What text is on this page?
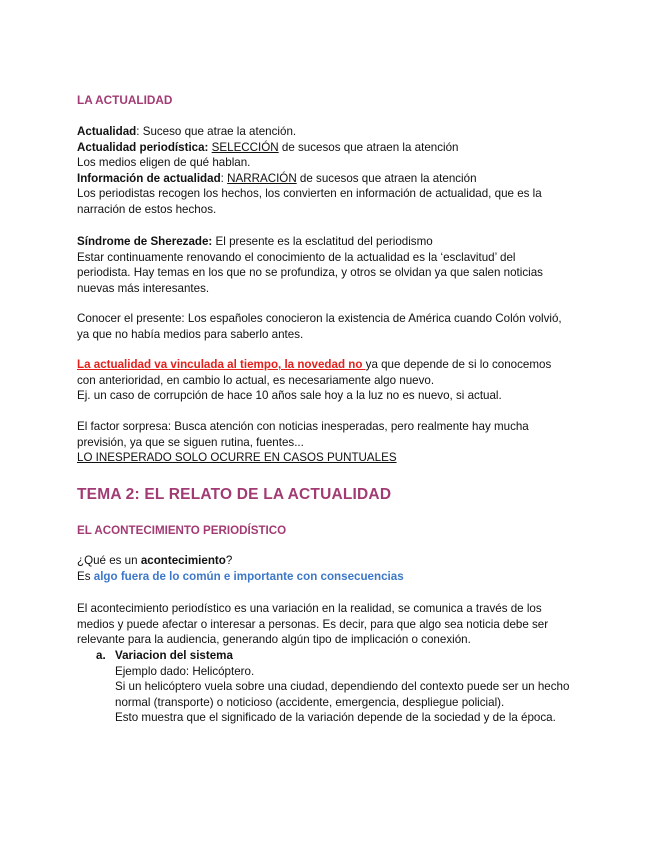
LA ACTUALIDAD
Actualidad: Suceso que atrae la atención.
Actualidad periodística: SELECCIÓN de sucesos que atraen la atención
Los medios eligen de qué hablan.
Información de actualidad: NARRACIÓN de sucesos que atraen la atención
Los periodistas recogen los hechos, los convierten en información de actualidad, que es la
narración de estos hechos.
Síndrome de Sherezade: El presente es la esclatitud del periodismo
Estar continuamente renovando el conocimiento de la actualidad es la ‘esclavitud’ del
periodista. Hay temas en los que no se profundiza, y otros se olvidan ya que salen noticias
nuevas más interesantes.
Conocer el presente: Los españoles conocieron la existencia de América cuando Colón volvió,
ya que no había medios para saberlo antes.
La actualidad va vinculada al tiempo, la novedad no ya que depende de si lo conocemos
con anterioridad, en cambio lo actual, es necesariamente algo nuevo.
Ej. un caso de corrupción de hace 10 años sale hoy a la luz no es nuevo, si actual.
El factor sorpresa: Busca atención con noticias inesperadas, pero realmente hay mucha
previsión, ya que se siguen rutina, fuentes...
LO INESPERADO SOLO OCURRE EN CASOS PUNTUALES
TEMA 2: EL RELATO DE LA ACTUALIDAD
EL ACONTECIMIENTO PERIODÍSTICO
¿Qué es un acontecimiento?
Es algo fuera de lo común e importante con consecuencias
El acontecimiento periodístico es una variación en la realidad, se comunica a través de los
medios y puede afectar o interesar a personas. Es decir, para que algo sea noticia debe ser
relevante para la audiencia, generando algún tipo de implicación o conexión.
a. Variacion del sistema
Ejemplo dado: Helicóptero.
Si un helicóptero vuela sobre una ciudad, dependiendo del contexto puede ser un hecho
normal (transporte) o noticioso (accidente, emergencia, despliegue policial).
Esto muestra que el significado de la variación depende de la sociedad y de la época.
